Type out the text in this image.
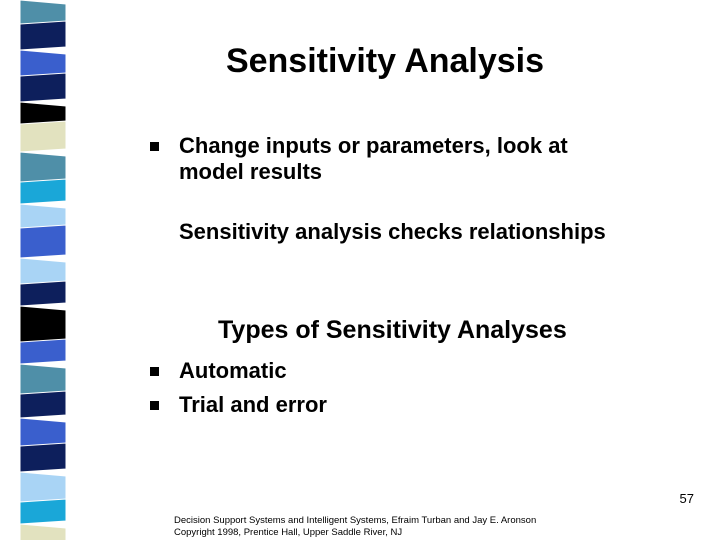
Sensitivity Analysis
Change inputs or parameters, look at
model results
Sensitivity analysis checks relationships
Types of Sensitivity Analyses
Automatic
Trial and error
57
Decision Support Systems and Intelligent Systems, Efraim Turban and Jay E. Aronson
Copyright 1998, Prentice Hall, Upper Saddle River, NJ
